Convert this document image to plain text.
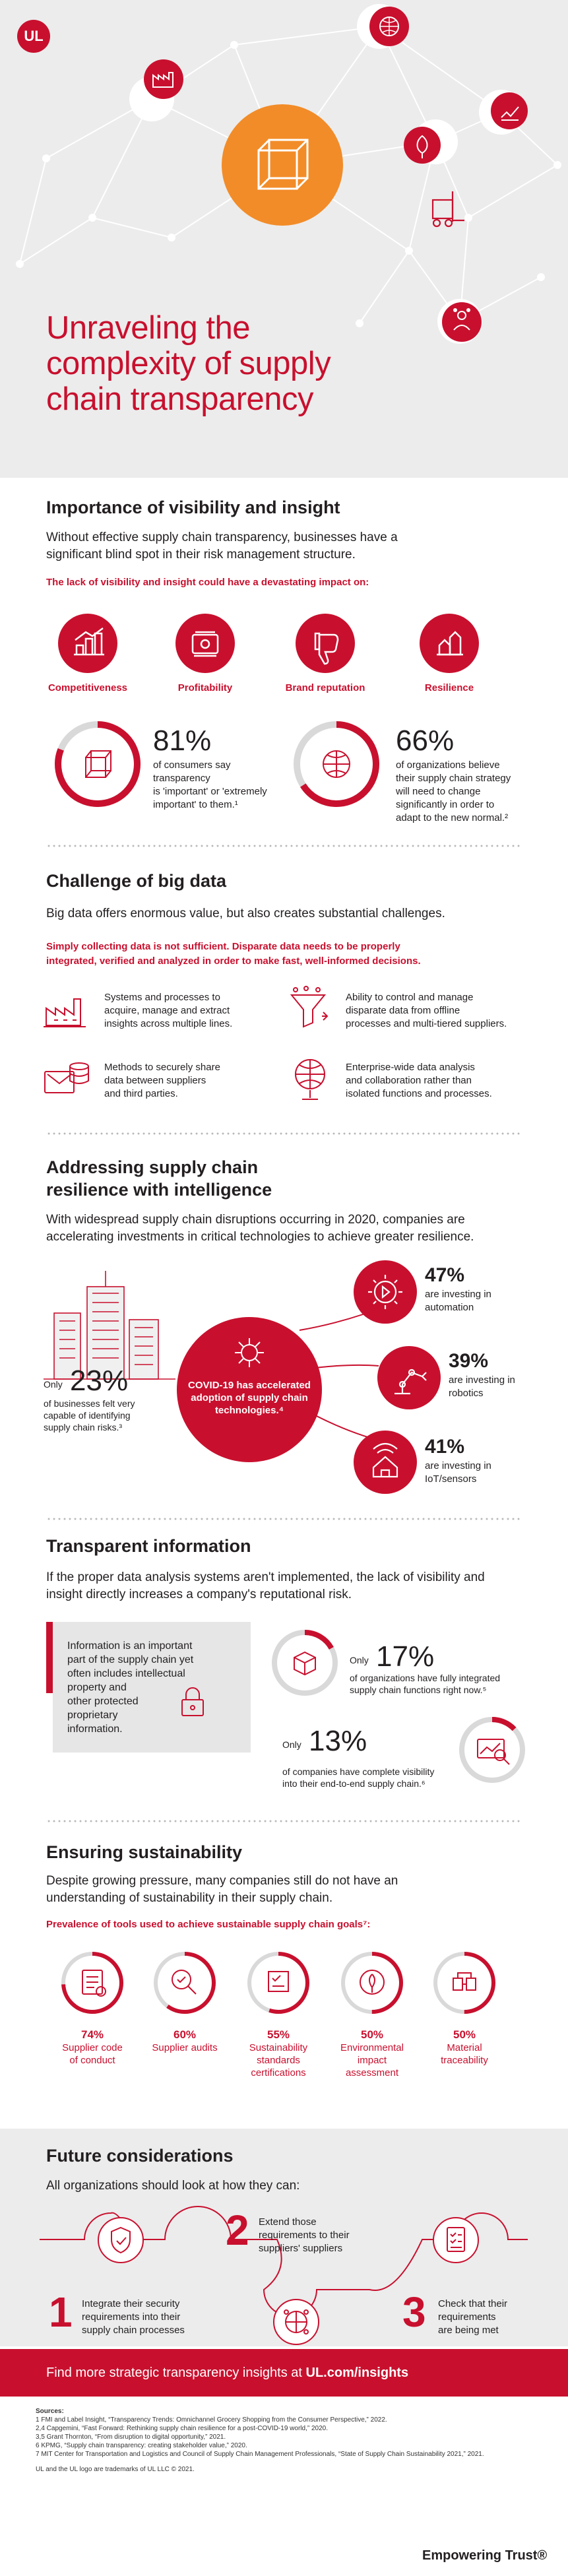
UL
Unraveling the
complexity of supply
chain transparency
Importance of visibility and insight
Without effective supply chain transparency, businesses have a
significant blind spot in their risk management structure.
The lack of visibility and insight could have a devastating impact on:
Competitiveness	Profitability	Brand reputation	Resilience
81%
of consumers say transparency
is 'important' or 'extremely
important' to them.¹
66%
of organizations believe
their supply chain strategy
will need to change
significantly in order to
adapt to the new normal.²
Challenge of big data
Big data offers enormous value, but also creates substantial challenges.
Simply collecting data is not sufficient. Disparate data needs to be properly
integrated, verified and analyzed in order to make fast, well-informed decisions.
Systems and processes to
acquire, manage and extract
insights across multiple lines.
Ability to control and manage
disparate data from offline
processes and multi-tiered suppliers.
Methods to securely share
data between suppliers
and third parties.
Enterprise-wide data analysis
and collaboration rather than
isolated functions and processes.
Addressing supply chain
resilience with intelligence
With widespread supply chain disruptions occurring in 2020, companies are
accelerating investments in critical technologies to achieve greater resilience.
Only 23%
of businesses felt very
capable of identifying
supply chain risks.³
COVID-19 has accelerated
adoption of supply chain
technologies.⁴
47%
are investing in
automation
39%
are investing in
robotics
41%
are investing in
IoT/sensors
Transparent information
If the proper data analysis systems aren't implemented, the lack of visibility and
insight directly increases a company's reputational risk.
Information is an important
part of the supply chain yet
often includes intellectual
property and
other protected
proprietary
information.
Only 17%
of organizations have fully integrated
supply chain functions right now.⁵
Only 13%
of companies have complete visibility
into their end-to-end supply chain.⁶
Ensuring sustainability
Despite growing pressure, many companies still do not have an
understanding of sustainability in their supply chain.
Prevalence of tools used to achieve sustainable supply chain goals⁷:
74%
Supplier code
of conduct
60%
Supplier audits
55%
Sustainability
standards
certifications
50%
Environmental
impact
assessment
50%
Material
traceability
Future considerations
All organizations should look at how they can:
1 Integrate their security
requirements into their
supply chain processes
2 Extend those
requirements to their
suppliers' suppliers
3 Check that their
requirements
are being met
Find more strategic transparency insights at UL.com/insights
Sources:
1 FMI and Label Insight, “Transparency Trends: Omnichannel Grocery Shopping from the Consumer Perspective,” 2022.
2,4 Capgemini, “Fast Forward: Rethinking supply chain resilience for a post-COVID-19 world,” 2020.
3,5 Grant Thornton, “From disruption to digital opportunity,” 2021.
6 KPMG, “Supply chain transparency: creating stakeholder value,” 2020.
7 MIT Center for Transportation and Logistics and Council of Supply Chain Management Professionals, “State of Supply Chain Sustainability 2021,” 2021.
UL and the UL logo are trademarks of UL LLC © 2021.
Empowering Trust®
